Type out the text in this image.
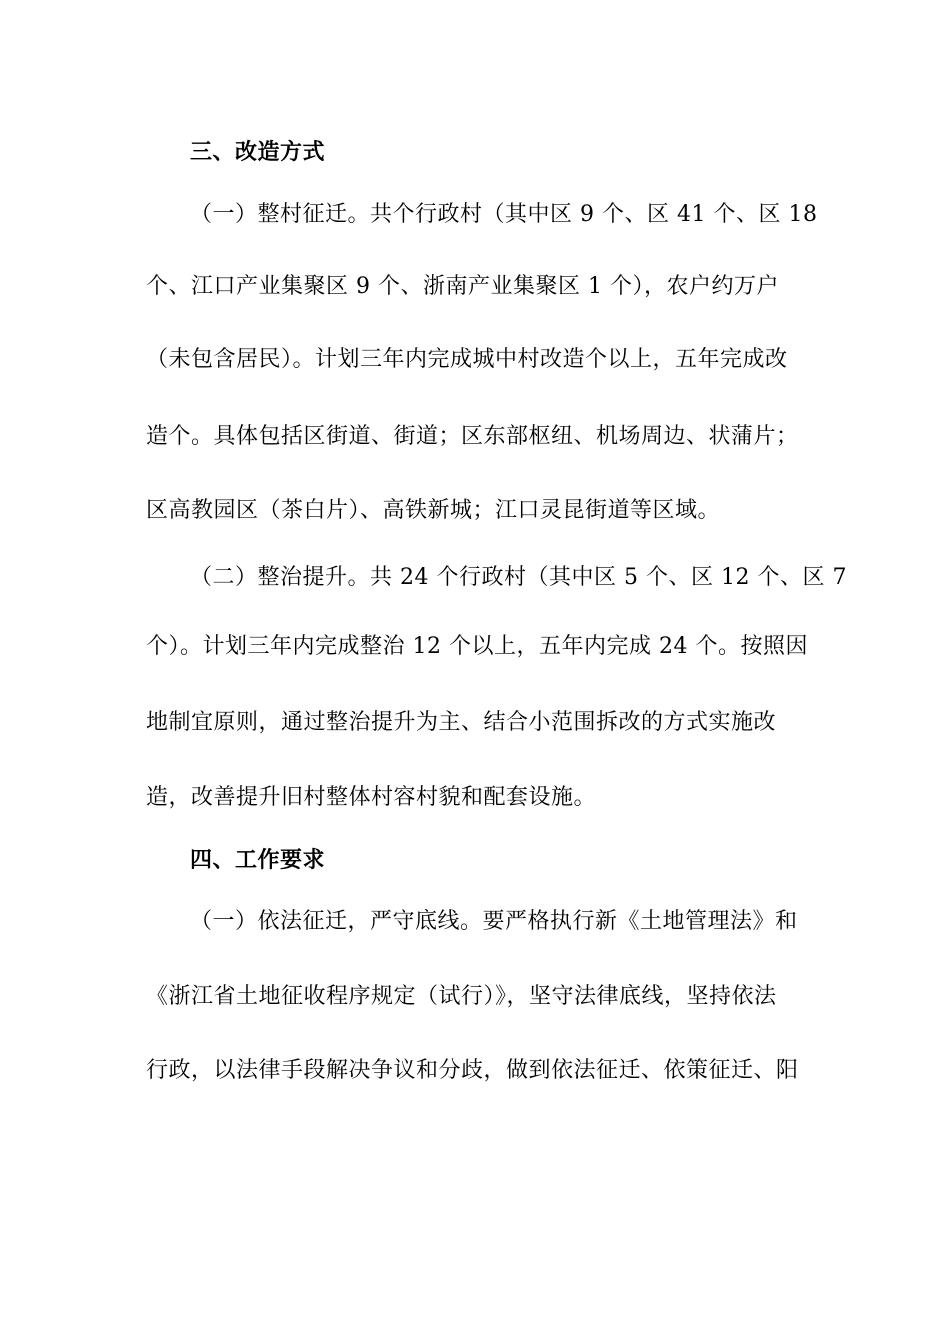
三、改造方式
（一）整村征迁。共个行政村（其中区 9 个、区 41 个、区 18
个、江口产业集聚区 9 个、浙南产业集聚区 1 个），农户约万户
（未包含居民）。计划三年内完成城中村改造个以上，五年完成改
造个。具体包括区街道、街道；区东部枢纽、机场周边、状蒲片；
区高教园区（茶白片）、高铁新城；江口灵昆街道等区域。
（二）整治提升。共 24 个行政村（其中区 5 个、区 12 个、区 7
个）。计划三年内完成整治 12 个以上，五年内完成 24 个。按照因
地制宜原则，通过整治提升为主、结合小范围拆改的方式实施改
造，改善提升旧村整体村容村貌和配套设施。
四、工作要求
（一）依法征迁，严守底线。要严格执行新《土地管理法》和
《浙江省土地征收程序规定（试行）》，坚守法律底线，坚持依法
行政，以法律手段解决争议和分歧，做到依法征迁、依策征迁、阳
